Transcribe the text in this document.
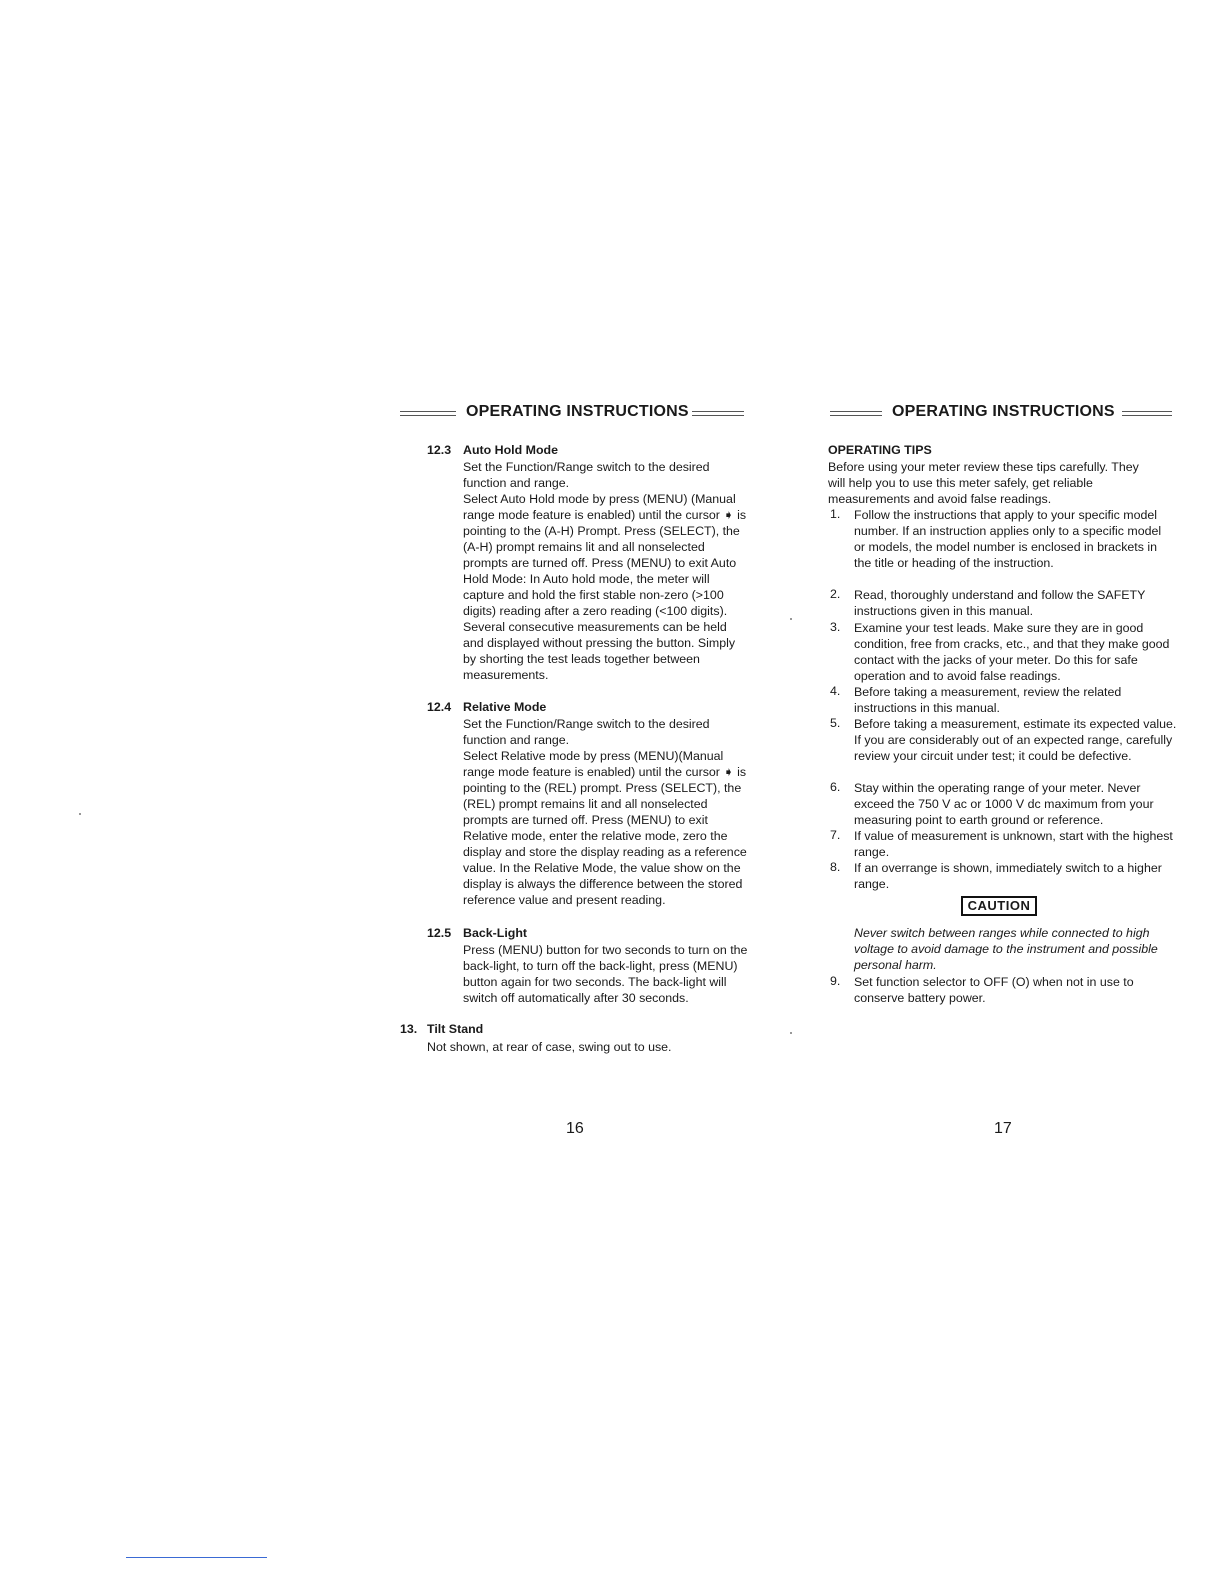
OPERATING INSTRUCTIONS
12.3 Auto Hold Mode
Set the Function/Range switch to the desired function and range.
Select Auto Hold mode by press (MENU) (Manual range mode feature is enabled) until the cursor ➧ is pointing to the (A-H) Prompt. Press (SELECT), the (A-H) prompt remains lit and all nonselected prompts are turned off. Press (MENU) to exit Auto Hold Mode: In Auto hold mode, the meter will capture and hold the first stable non-zero (>100 digits) reading after a zero reading (<100 digits). Several consecutive measurements can be held and displayed without pressing the button. Simply by shorting the test leads together between measurements.
12.4 Relative Mode
Set the Function/Range switch to the desired function and range.
Select Relative mode by press (MENU)(Manual range mode feature is enabled) until the cursor ➧ is pointing to the (REL) prompt. Press (SELECT), the (REL) prompt remains lit and all nonselected prompts are turned off. Press (MENU) to exit Relative mode, enter the relative mode, zero the display and store the display reading as a reference value. In the Relative Mode, the value show on the display is always the difference between the stored reference value and present reading.
12.5 Back-Light
Press (MENU) button for two seconds to turn on the back-light, to turn off the back-light, press (MENU) button again for two seconds. The back-light will switch off automatically after 30 seconds.
13. Tilt Stand
Not shown, at rear of case, swing out to use.
16
OPERATING INSTRUCTIONS
OPERATING TIPS
Before using your meter review these tips carefully. They will help you to use this meter safely, get reliable measurements and avoid false readings.
1. Follow the instructions that apply to your specific model number. If an instruction applies only to a specific model or models, the model number is enclosed in brackets in the title or heading of the instruction.
2. Read, thoroughly understand and follow the SAFETY instructions given in this manual.
3. Examine your test leads. Make sure they are in good condition, free from cracks, etc., and that they make good contact with the jacks of your meter. Do this for safe operation and to avoid false readings.
4. Before taking a measurement, review the related instructions in this manual.
5. Before taking a measurement, estimate its expected value. If you are considerably out of an expected range, carefully review your circuit under test; it could be defective.
6. Stay within the operating range of your meter. Never exceed the 750 V ac or 1000 V dc maximum from your measuring point to earth ground or reference.
7. If value of measurement is unknown, start with the highest range.
8. If an overrange is shown, immediately switch to a higher range.
CAUTION
Never switch between ranges while connected to high voltage to avoid damage to the instrument and possible personal harm.
9. Set function selector to OFF (O) when not in use to conserve battery power.
17
